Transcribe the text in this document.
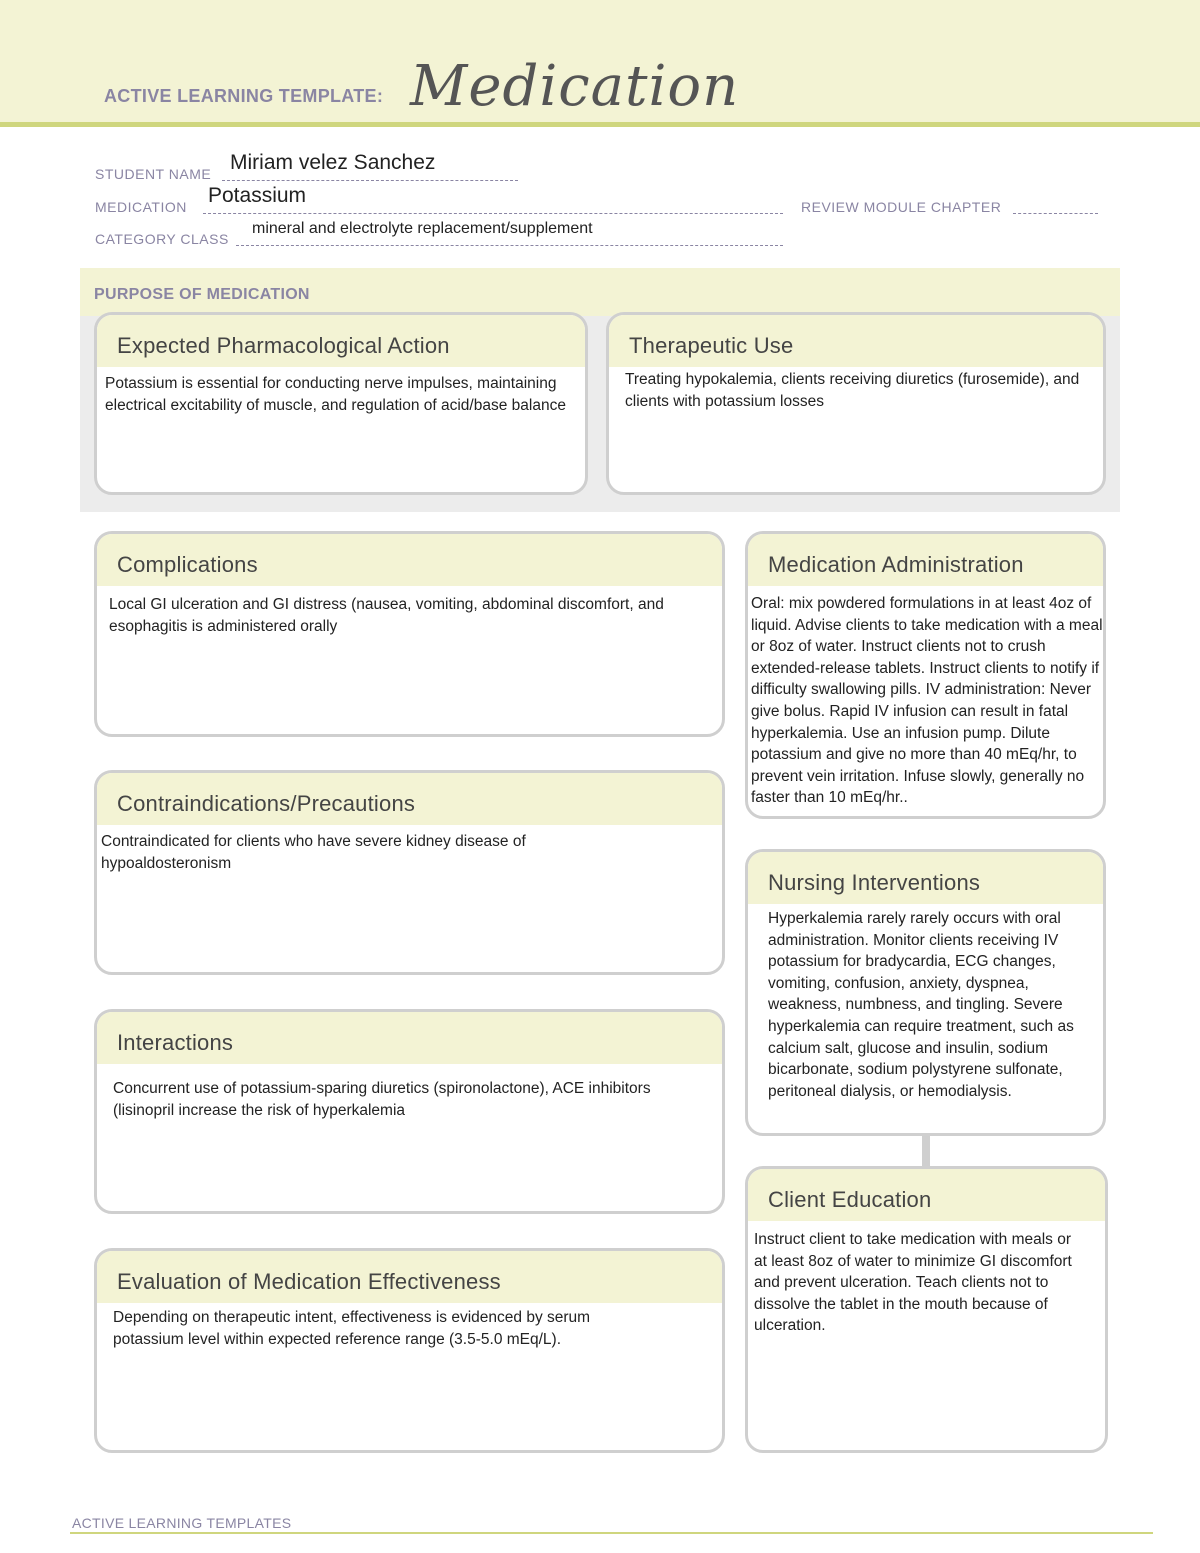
ACTIVE LEARNING TEMPLATE: Medication
STUDENT NAME Miriam velez Sanchez
MEDICATION Potassium	REVIEW MODULE CHAPTER
CATEGORY CLASS
mineral and electrolyte replacement/supplement
PURPOSE OF MEDICATION
Expected Pharmacological Action
Potassium is essential for conducting nerve impulses, maintaining electrical excitability of muscle, and regulation of acid/base balance
Therapeutic Use
Treating hypokalemia, clients receiving diuretics (furosemide), and clients with potassium losses
Complications
Local GI ulceration and GI distress (nausea, vomiting, abdominal discomfort, and esophagitis is administered orally
Contraindications/Precautions
Contraindicated for clients who have severe kidney disease of hypoaldosteronism
Interactions
Concurrent use of potassium-sparing diuretics (spironolactone), ACE inhibitors (lisinopril increase the risk of hyperkalemia
Evaluation of Medication Effectiveness
Depending on therapeutic intent, effectiveness is evidenced by serum potassium level within expected reference range (3.5-5.0 mEq/L).
Medication Administration
Oral: mix powdered formulations in at least 4oz of liquid. Advise clients to take medication with a meal or 8oz of water. Instruct clients not to crush extended-release tablets. Instruct clients to notify if difficulty swallowing pills. IV administration: Never give bolus. Rapid IV infusion can result in fatal hyperkalemia. Use an infusion pump. Dilute potassium and give no more than 40 mEq/hr, to prevent vein irritation. Infuse slowly, generally no faster than 10 mEq/hr..
Nursing Interventions
Hyperkalemia rarely rarely occurs with oral administration. Monitor clients receiving IV potassium for bradycardia, ECG changes, vomiting, confusion, anxiety, dyspnea, weakness, numbness, and tingling. Severe hyperkalemia can require treatment, such as calcium salt, glucose and insulin, sodium bicarbonate, sodium polystyrene sulfonate, peritoneal dialysis, or hemodialysis.
Client Education
Instruct client to take medication with meals or at least 8oz of water to minimize GI discomfort and prevent ulceration. Teach clients not to dissolve the tablet in the mouth because of ulceration.
ACTIVE LEARNING TEMPLATES
